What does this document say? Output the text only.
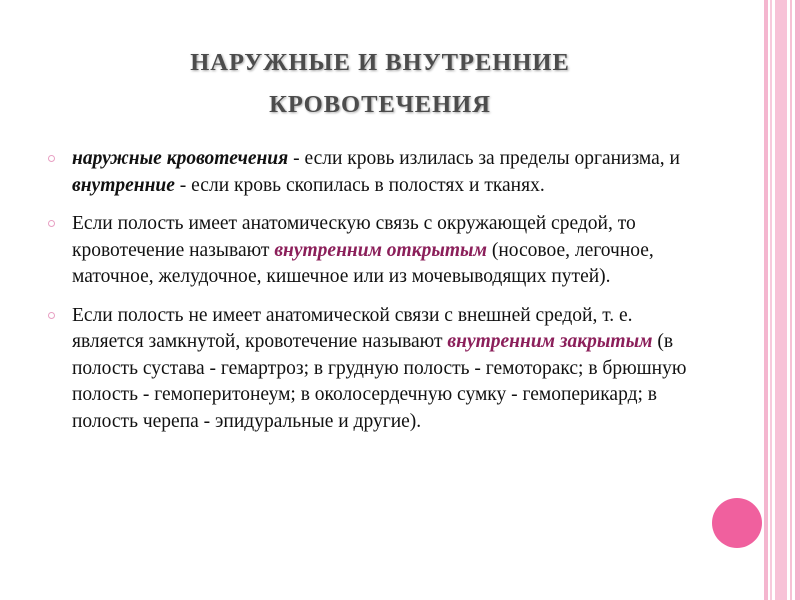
НАРУЖНЫЕ И ВНУТРЕННИЕ
КРОВОТЕЧЕНИЯ
наружные кровотечения - если кровь излилась за пределы организма, и внутренние - если кровь скопилась в полостях и тканях.
Если полость имеет анатомическую связь с окружающей средой, то кровотечение называют внутренним открытым (носовое, легочное, маточное, желудочное, кишечное или из мочевыводящих путей).
Если полость не имеет анатомической связи с внешней средой, т. е. является замкнутой, кровотечение называют внутренним закрытым (в полость сустава - гемартроз; в грудную полость - гемоторакс; в брюшную полость - гемоперитонеум; в околосердечную сумку - гемоперикард; в полость черепа - эпидуральные и другие).
